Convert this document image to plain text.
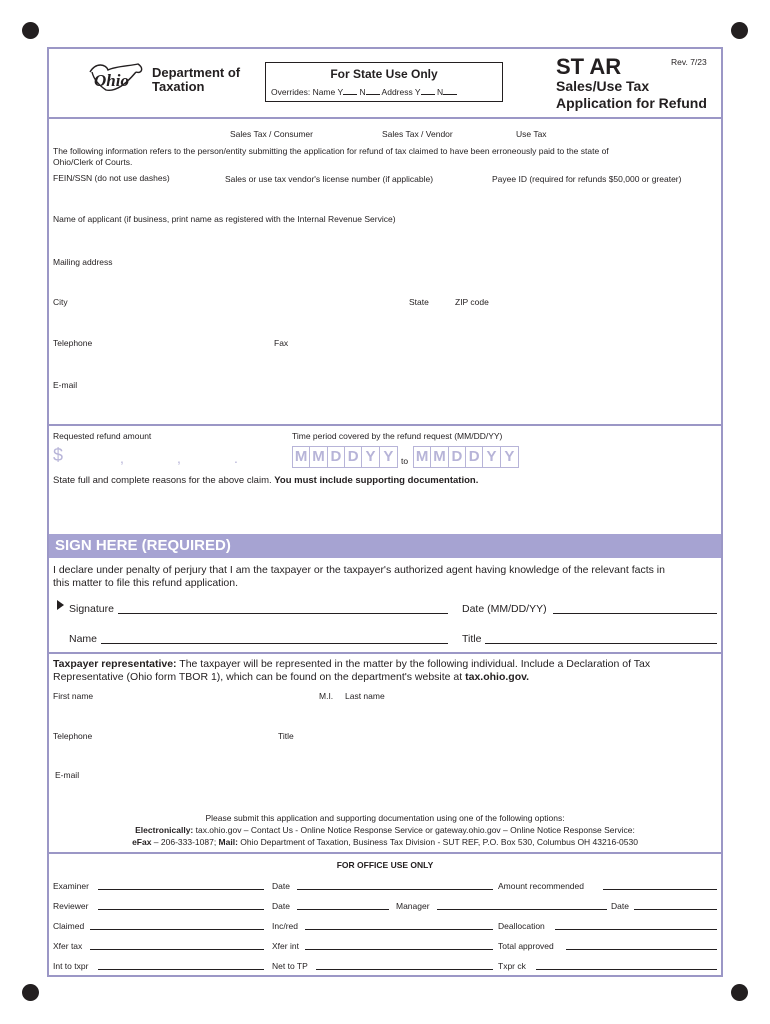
Ohio Department of
Taxation
For State Use Only
Overrides: Name Y N Address Y N
ST AR	Rev. 7/23
Sales/Use Tax
Application for Refund
Sales Tax / Consumer	Sales Tax / Vendor	Use Tax
The following information refers to the person/entity submitting the application for refund of tax claimed to have been erroneously paid to the state of
Ohio/Clerk of Courts.
FEIN/SSN (do not use dashes)	Sales or use tax vendor's license number (if applicable)	Payee ID (required for refunds $50,000 or greater)
Name of applicant (if business, print name as registered with the Internal Revenue Service)
Mailing address
City	State	ZIP code
Telephone	Fax
E-mail
Requested refund amount
$	,	,	.
Time period covered by the refund request (MM/DD/YY)
M M D D Y Y to M M D D Y Y
State full and complete reasons for the above claim. You must include supporting documentation.
SIGN HERE (REQUIRED)
I declare under penalty of perjury that I am the taxpayer or the taxpayer's authorized agent having knowledge of the relevant facts in
this matter to file this refund application.
Signature	Date (MM/DD/YY)
Name	Title
Taxpayer representative: The taxpayer will be represented in the matter by the following individual. Include a Declaration of Tax
Representative (Ohio form TBOR 1), which can be found on the department's website at tax.ohio.gov.
First name	M.I. Last name
Telephone	Title
E-mail
Please submit this application and supporting documentation using one of the following options:
Electronically: tax.ohio.gov – Contact Us - Online Notice Response Service or gateway.ohio.gov – Online Notice Response Service:
eFax – 206-333-1087; Mail: Ohio Department of Taxation, Business Tax Division - SUT REF, P.O. Box 530, Columbus OH 43216-0530
FOR OFFICE USE ONLY
Examiner	Date	Amount recommended
Reviewer	Date	Manager	Date
Claimed	Inc/red	Deallocation
Xfer tax	Xfer int	Total approved
Int to txpr	Net to TP	Txpr ck
